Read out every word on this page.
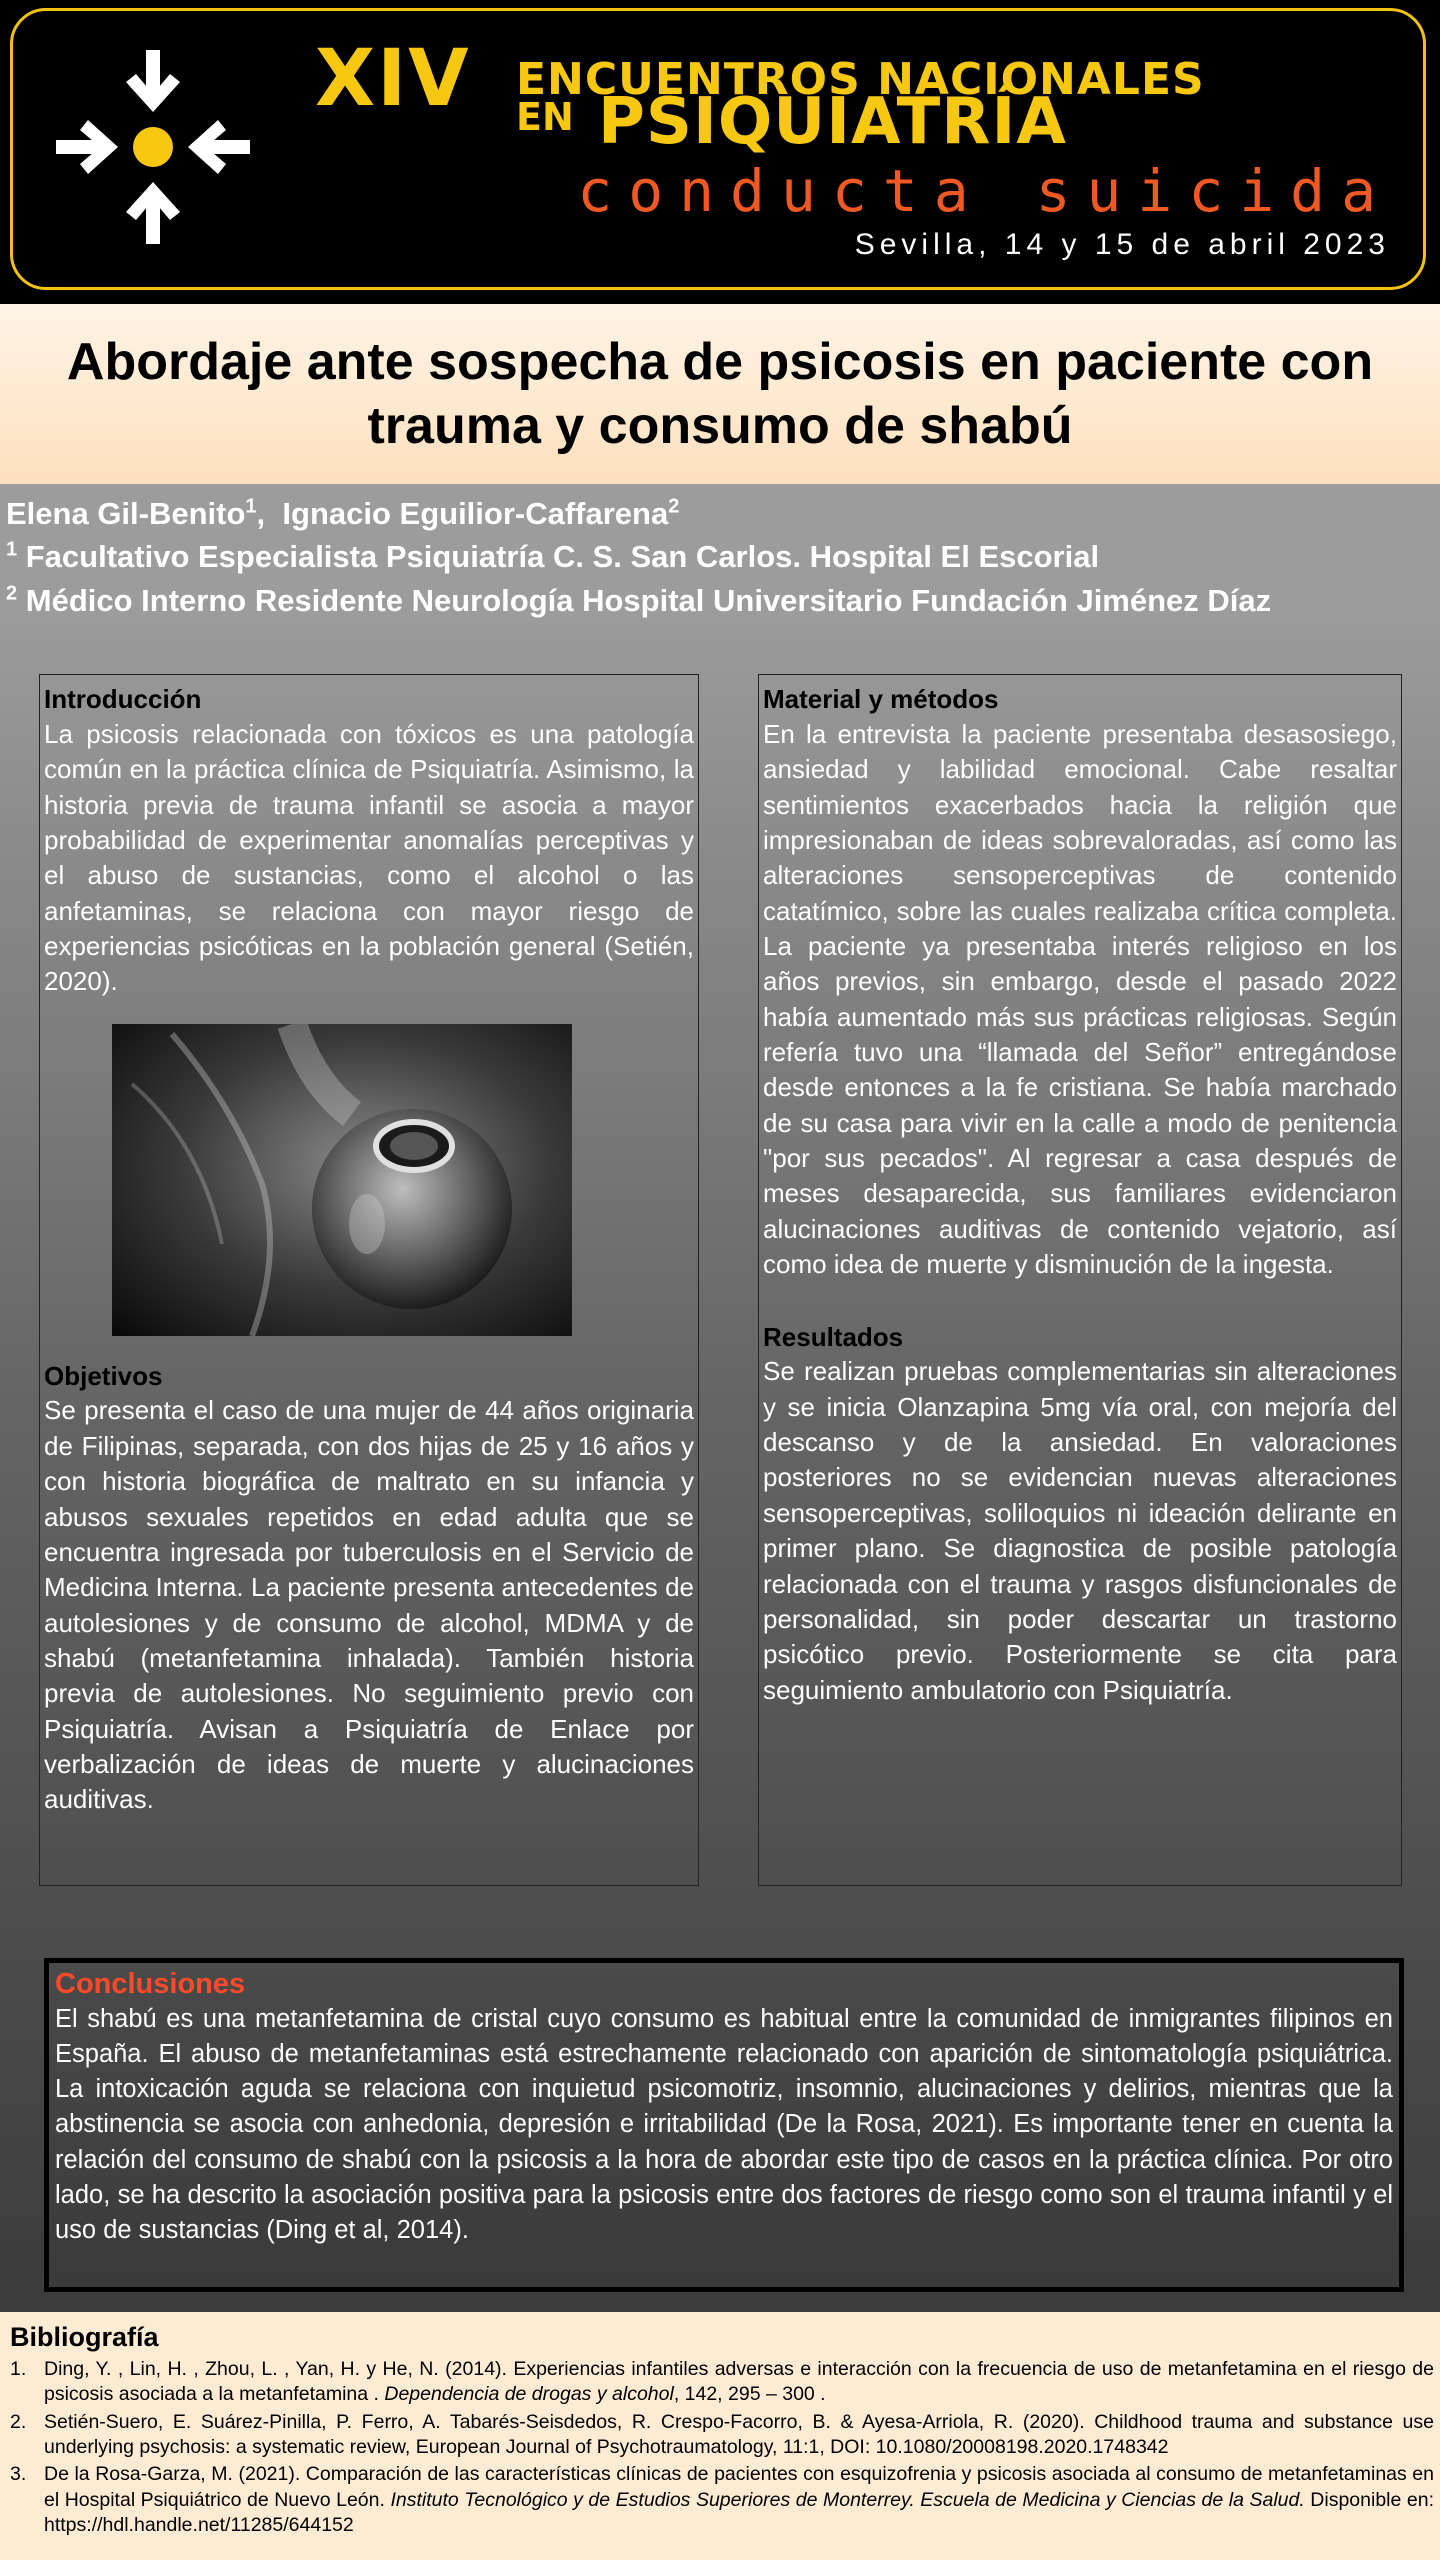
XIV ENCUENTROS NACIONALES
EN PSIQUIATRÍA
conducta suicida
Sevilla, 14 y 15 de abril 2023
Abordaje ante sospecha de psicosis en paciente con trauma y consumo de shabú
Elena Gil-Benito$^1$,  Ignacio Eguilior-Caffarena$^2$
$^1$ Facultativo Especialista Psiquiatría C. S. San Carlos. Hospital El Escorial
$^2$ Médico Interno Residente Neurología Hospital Universitario Fundación Jiménez Díaz
Introducción

La psicosis relacionada con tóxicos es una patología común en la práctica clínica de Psiquiatría. Asimismo, la historia previa de trauma infantil se asocia a mayor probabilidad de experimentar anomalías perceptivas y el abuso de sustancias, como el alcohol o las anfetaminas, se relaciona con mayor riesgo de experiencias psicóticas en la población general (Setién, 2020).

Objetivos

Se presenta el caso de una mujer de 44 años originaria de Filipinas, separada, con dos hijas de 25 y 16 años y con historia biográfica de maltrato en su infancia y abusos sexuales repetidos en edad adulta que se encuentra ingresada por tuberculosis en el Servicio de Medicina Interna. La paciente presenta antecedentes de autolesiones y de consumo de alcohol, MDMA y de shabú (metanfetamina inhalada). También historia previa de autolesiones. No seguimiento previo con Psiquiatría. Avisan a Psiquiatría de Enlace por verbalización de ideas de muerte y alucinaciones auditivas.

Material y métodos

En la entrevista la paciente presentaba desasosiego, ansiedad y labilidad emocional. Cabe resaltar sentimientos exacerbados hacia la religión que impresionaban de ideas sobrevaloradas, así como las alteraciones sensoperceptivas de contenido catatímico, sobre las cuales realizaba crítica completa. La paciente ya presentaba interés religioso en los años previos, sin embargo, desde el pasado 2022 había aumentado más sus prácticas religiosas. Según refería tuvo una “llamada del Señor” entregándose desde entonces a la fe cristiana. Se había marchado de su casa para vivir en la calle a modo de penitencia "por sus pecados". Al regresar a casa después de meses desaparecida, sus familiares evidenciaron alucinaciones auditivas de contenido vejatorio, así como idea de muerte y disminución de la ingesta.

Resultados

Se realizan pruebas complementarias sin alteraciones y se inicia Olanzapina 5mg vía oral, con mejoría del descanso y de la ansiedad. En valoraciones posteriores no se evidencian nuevas alteraciones sensoperceptivas, soliloquios ni ideación delirante en primer plano. Se diagnostica de posible patología relacionada con el trauma y rasgos disfuncionales de personalidad, sin poder descartar un trastorno psicótico previo. Posteriormente se cita para seguimiento ambulatorio con Psiquiatría.

Conclusiones

El shabú es una metanfetamina de cristal cuyo consumo es habitual entre la comunidad de inmigrantes filipinos en España. El abuso de metanfetaminas está estrechamente relacionado con aparición de sintomatología psiquiátrica. La intoxicación aguda se relaciona con inquietud psicomotriz, insomnio, alucinaciones y delirios, mientras que la abstinencia se asocia con anhedonia, depresión e irritabilidad (De la Rosa, 2021). Es importante tener en cuenta la relación del consumo de shabú con la psicosis a la hora de abordar este tipo de casos en la práctica clínica. Por otro lado, se ha descrito la asociación positiva para la psicosis entre dos factores de riesgo como son el trauma infantil y el uso de sustancias (Ding et al, 2014).

Bibliografía
1. Ding, Y. , Lin, H. , Zhou, L. , Yan, H. y He, N. (2014). Experiencias infantiles adversas e interacción con la frecuencia de uso de metanfetamina en el riesgo de psicosis asociada a la metanfetamina . Dependencia de drogas y alcohol, 142, 295 – 300 .
2. Setién-Suero, E. Suárez-Pinilla, P. Ferro, A. Tabarés-Seisdedos, R. Crespo-Facorro, B. & Ayesa-Arriola, R. (2020). Childhood trauma and substance use underlying psychosis: a systematic review, European Journal of Psychotraumatology, 11:1, DOI: 10.1080/20008198.2020.1748342
3. De la Rosa-Garza, M. (2021). Comparación de las características clínicas de pacientes con esquizofrenia y psicosis asociada al consumo de metanfetaminas en el Hospital Psiquiátrico de Nuevo León. Instituto Tecnológico y de Estudios Superiores de Monterrey. Escuela de Medicina y Ciencias de la Salud. Disponible en: https://hdl.handle.net/11285/644152
